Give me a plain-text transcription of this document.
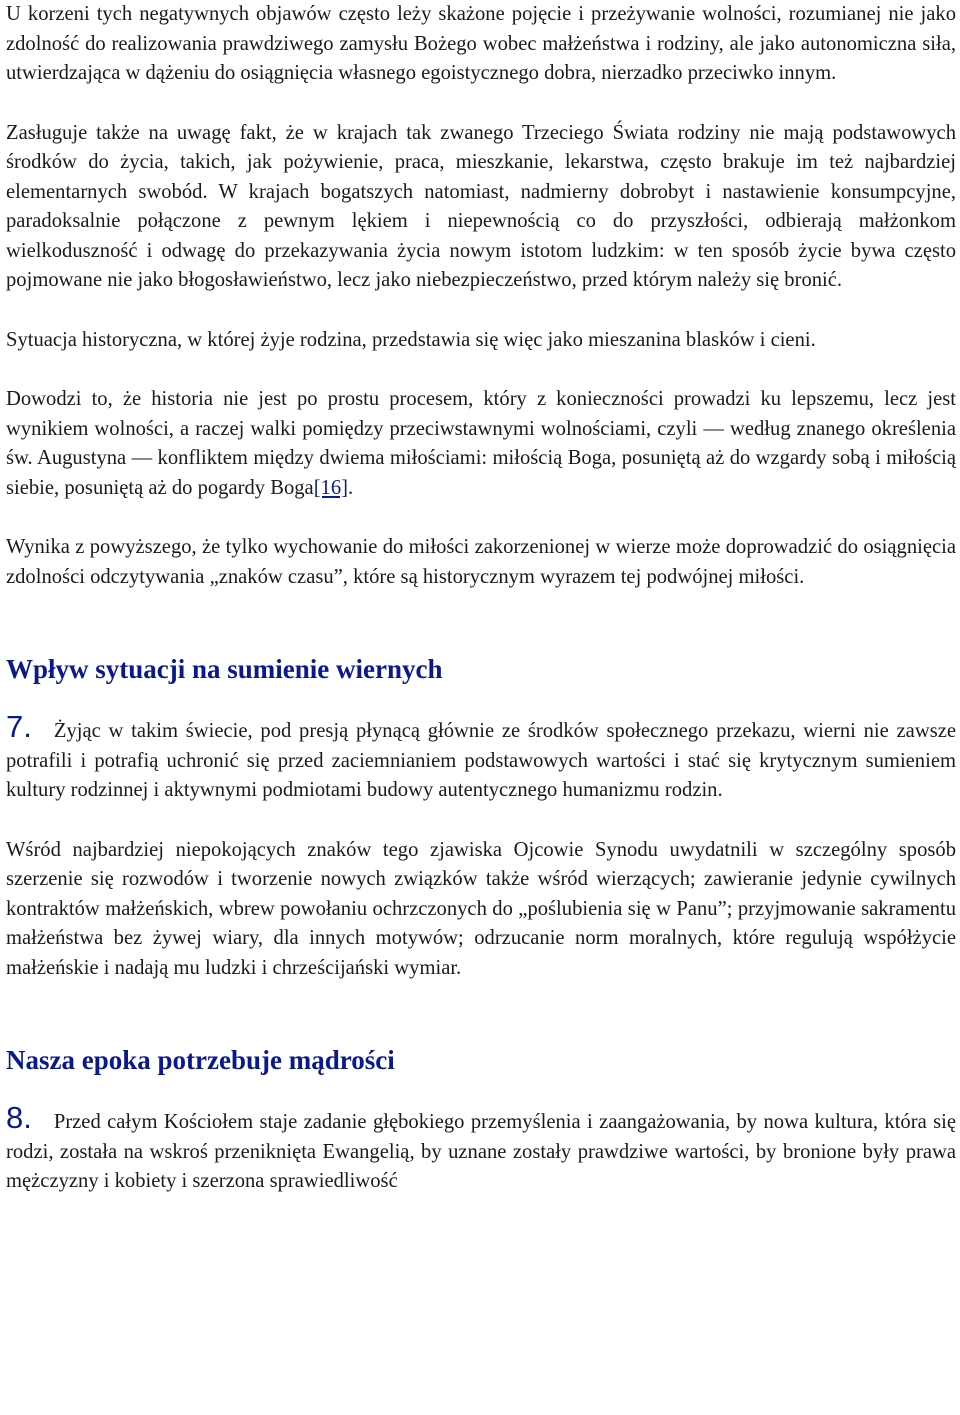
U korzeni tych negatywnych objawów często leży skażone pojęcie i przeżywanie wolności, rozumianej nie jako zdolność do realizowania prawdziwego zamysłu Bożego wobec małżeństwa i rodziny, ale jako autonomiczna siła, utwierdzająca w dążeniu do osiągnięcia własnego egoistycznego dobra, nierzadko przeciwko innym.

Zasługuje także na uwagę fakt, że w krajach tak zwanego Trzeciego Świata rodziny nie mają podstawowych środków do życia, takich, jak pożywienie, praca, mieszkanie, lekarstwa, często brakuje im też najbardziej elementarnych swobód. W krajach bogatszych natomiast, nadmierny dobrobyt i nastawienie konsumpcyjne, paradoksalnie połączone z pewnym lękiem i niepewnością co do przyszłości, odbierają małżonkom wielkoduszność i odwagę do przekazywania życia nowym istotom ludzkim: w ten sposób życie bywa często pojmowane nie jako błogosławieństwo, lecz jako niebezpieczeństwo, przed którym należy się bronić.

Sytuacja historyczna, w której żyje rodzina, przedstawia się więc jako mieszanina blasków i cieni.

Dowodzi to, że historia nie jest po prostu procesem, który z konieczności prowadzi ku lepszemu, lecz jest wynikiem wolności, a raczej walki pomiędzy przeciwstawnymi wolnościami, czyli — według znanego określenia św. Augustyna — konfliktem między dwiema miłościami: miłością Boga, posuniętą aż do wzgardy sobą i miłością siebie, posuniętą aż do pogardy Boga[16].

Wynika z powyższego, że tylko wychowanie do miłości zakorzenionej w wierze może doprowadzić do osiągnięcia zdolności odczytywania „znaków czasu”, które są historycznym wyrazem tej podwójnej miłości.

Wpływ sytuacji na sumienie wiernych

7. Żyjąc w takim świecie, pod presją płynącą głównie ze środków społecznego przekazu, wierni nie zawsze potrafili i potrafią uchronić się przed zaciemnianiem podstawowych wartości i stać się krytycznym sumieniem kultury rodzinnej i aktywnymi podmiotami budowy autentycznego humanizmu rodzin.

Wśród najbardziej niepokojących znaków tego zjawiska Ojcowie Synodu uwydatnili w szczególny sposób szerzenie się rozwodów i tworzenie nowych związków także wśród wierzących; zawieranie jedynie cywilnych kontraktów małżeńskich, wbrew powołaniu ochrzczonych do „poślubienia się w Panu”; przyjmowanie sakramentu małżeństwa bez żywej wiary, dla innych motywów; odrzucanie norm moralnych, które regulują współżycie małżeńskie i nadają mu ludzki i chrześcijański wymiar.

Nasza epoka potrzebuje mądrości

8. Przed całym Kościołem staje zadanie głębokiego przemyślenia i zaangażowania, by nowa kultura, która się rodzi, została na wskroś przeniknięta Ewangelią, by uznane zostały prawdziwe wartości, by bronione były prawa mężczyzny i kobiety i szerzona sprawiedliwość
